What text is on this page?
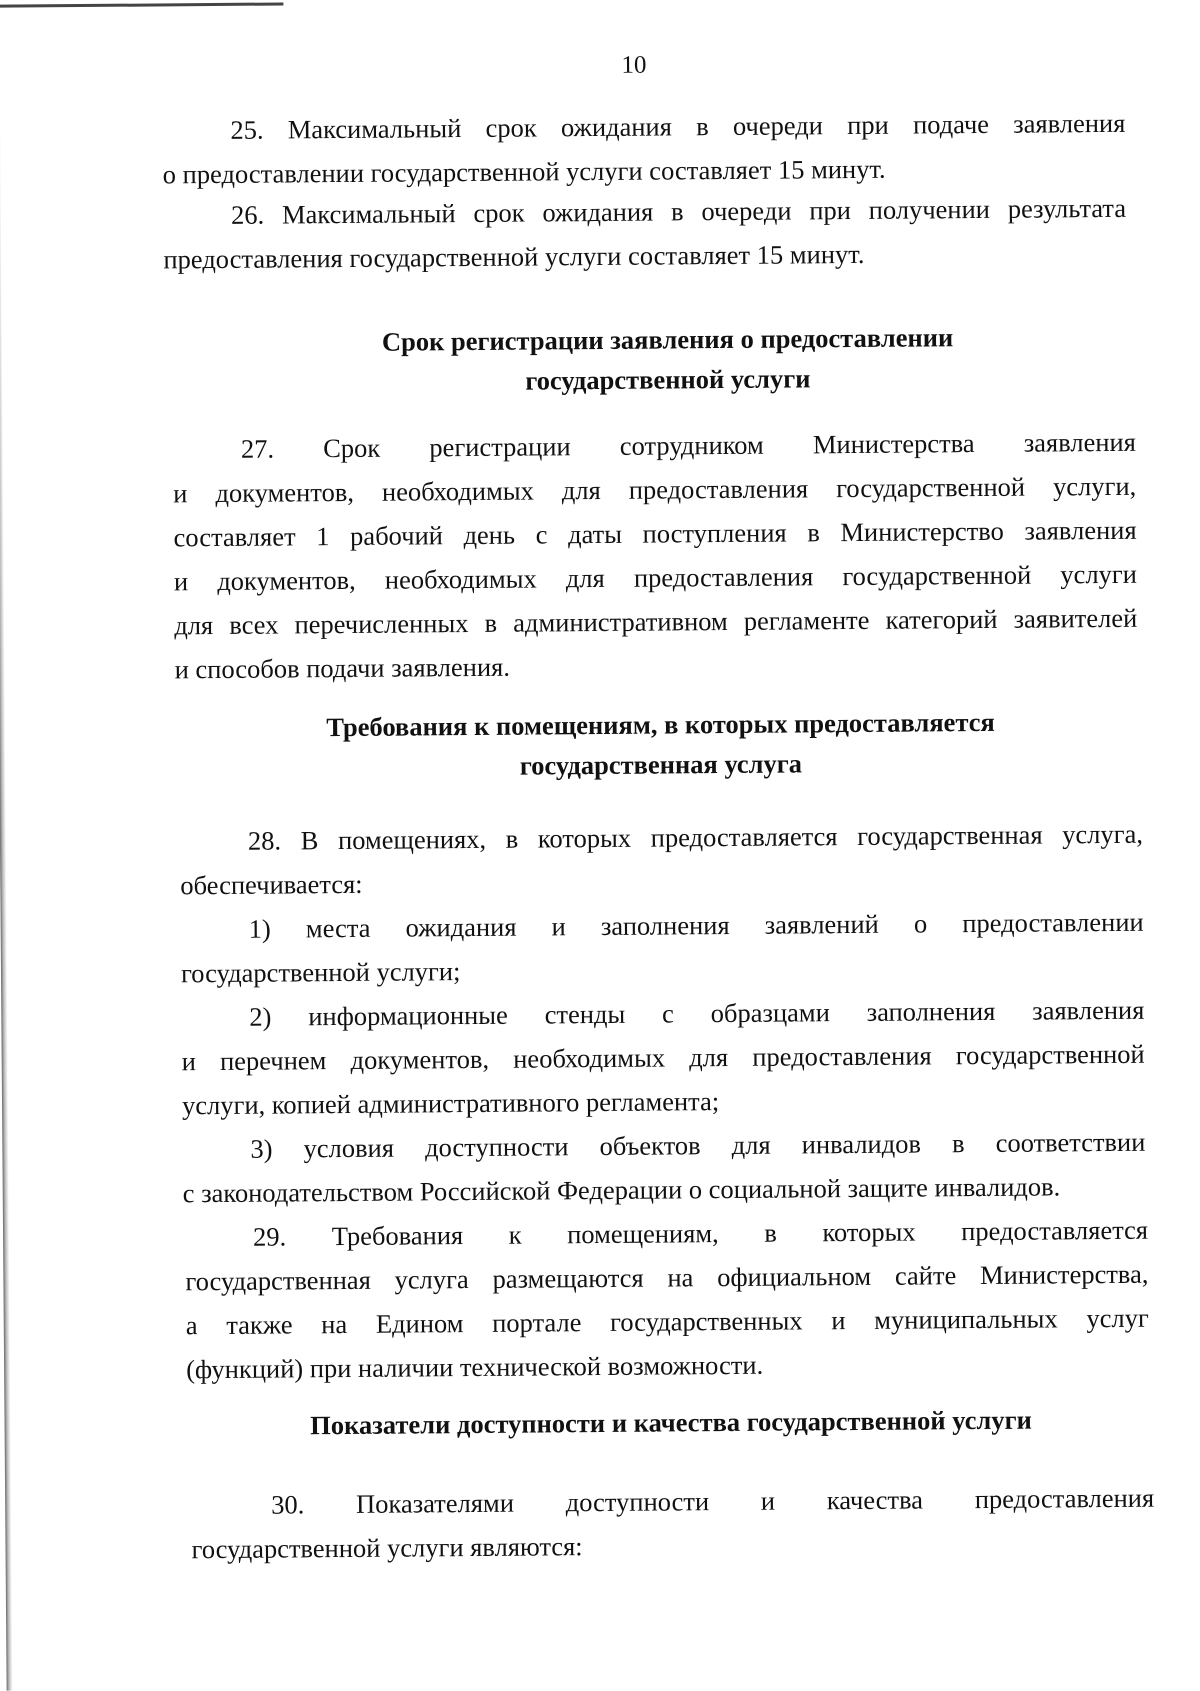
10
25. Максимальный срок ожидания в очереди при подаче заявления
о предоставлении государственной услуги составляет 15 минут.
26. Максимальный срок ожидания в очереди при получении результата
предоставления государственной услуги составляет 15 минут.
Срок регистрации заявления о предоставлении
государственной услуги
27. Срок регистрации сотрудником Министерства заявления
и документов, необходимых для предоставления государственной услуги,
составляет 1 рабочий день с даты поступления в Министерство заявления
и документов, необходимых для предоставления государственной услуги
для всех перечисленных в административном регламенте категорий заявителей
и способов подачи заявления.
Требования к помещениям, в которых предоставляется
государственная услуга
28. В помещениях, в которых предоставляется государственная услуга,
обеспечивается:
1) места ожидания и заполнения заявлений о предоставлении
государственной услуги;
2) информационные стенды с образцами заполнения заявления
и перечнем документов, необходимых для предоставления государственной
услуги, копией административного регламента;
3) условия доступности объектов для инвалидов в соответствии
с законодательством Российской Федерации о социальной защите инвалидов.
29. Требования к помещениям, в которых предоставляется
государственная услуга размещаются на официальном сайте Министерства,
а также на Едином портале государственных и муниципальных услуг
(функций) при наличии технической возможности.
Показатели доступности и качества государственной услуги
30. Показателями доступности и качества предоставления
государственной услуги являются:
